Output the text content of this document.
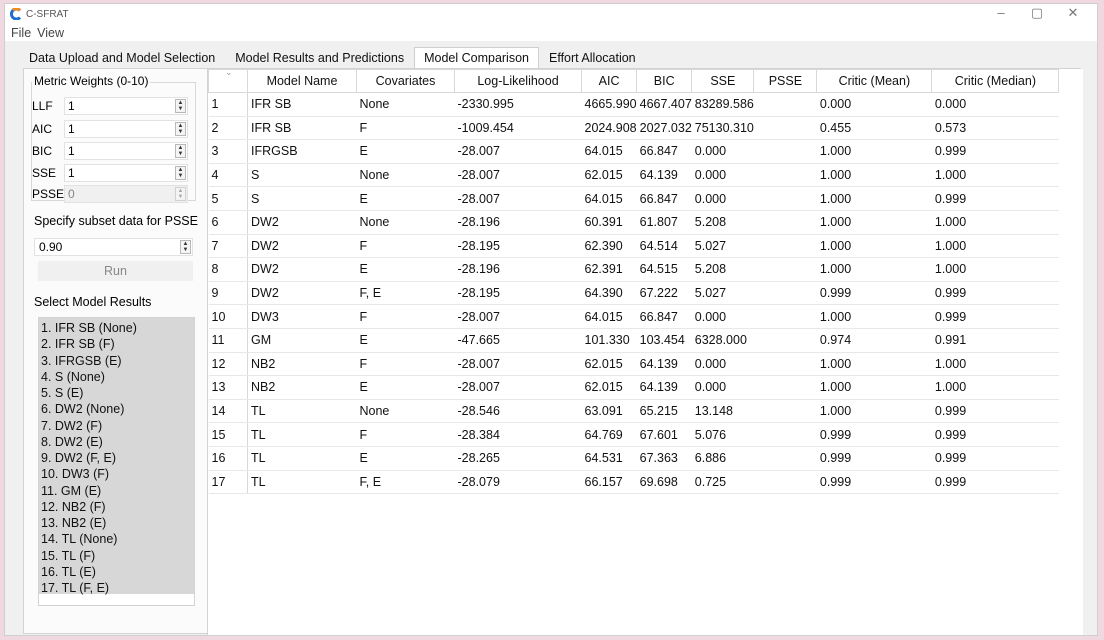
C-SFRAT	–	▢	✕
File View
Data Upload and Model Selection	Model Results and Predictions	Model Comparison	Effort Allocation
Metric Weights (0-10)
LLF	1	▲
▼
AIC	1	▲
▼
BIC	1	▲
▼
SSE 1	▲
▼
PSSE 0	▲
▼
Specify subset data for PSSE
0.90	▲
▼
Run
Select Model Results
1. IFR SB (None)
2. IFR SB (F)
3. IFRGSB (E)
4. S (None)
5. S (E)
6. DW2 (None)
7. DW2 (F)
8. DW2 (E)
9. DW2 (F, E)
10. DW3 (F)
11. GM (E)
12. NB2 (F)
13. NB2 (E)
14. TL (None)
15. TL (F)
16. TL (E)
17. TL (F, E)
⌄	Model Name	Covariates	Log-Likelihood	AIC	BIC	SSE	PSSE	Critic (Mean)	Critic (Median)
1	IFR SB	None	-2330.995	4665.990	4667.407	83289.586		0.000	0.000
2	IFR SB	F	-1009.454	2024.908	2027.032	75130.310		0.455	0.573
3	IFRGSB	E	-28.007	64.015	66.847	0.000		1.000	0.999
4	S	None	-28.007	62.015	64.139	0.000		1.000	1.000
5	S	E	-28.007	64.015	66.847	0.000		1.000	0.999
6	DW2	None	-28.196	60.391	61.807	5.208		1.000	1.000
7	DW2	F	-28.195	62.390	64.514	5.027		1.000	1.000
8	DW2	E	-28.196	62.391	64.515	5.208		1.000	1.000
9	DW2	F, E	-28.195	64.390	67.222	5.027		0.999	0.999
10	DW3	F	-28.007	64.015	66.847	0.000		1.000	0.999
11	GM	E	-47.665	101.330	103.454	6328.000		0.974	0.991
12	NB2	F	-28.007	62.015	64.139	0.000		1.000	1.000
13	NB2	E	-28.007	62.015	64.139	0.000		1.000	1.000
14	TL	None	-28.546	63.091	65.215	13.148		1.000	0.999
15	TL	F	-28.384	64.769	67.601	5.076		0.999	0.999
16	TL	E	-28.265	64.531	67.363	6.886		0.999	0.999
17	TL	F, E	-28.079	66.157	69.698	0.725		0.999	0.999
